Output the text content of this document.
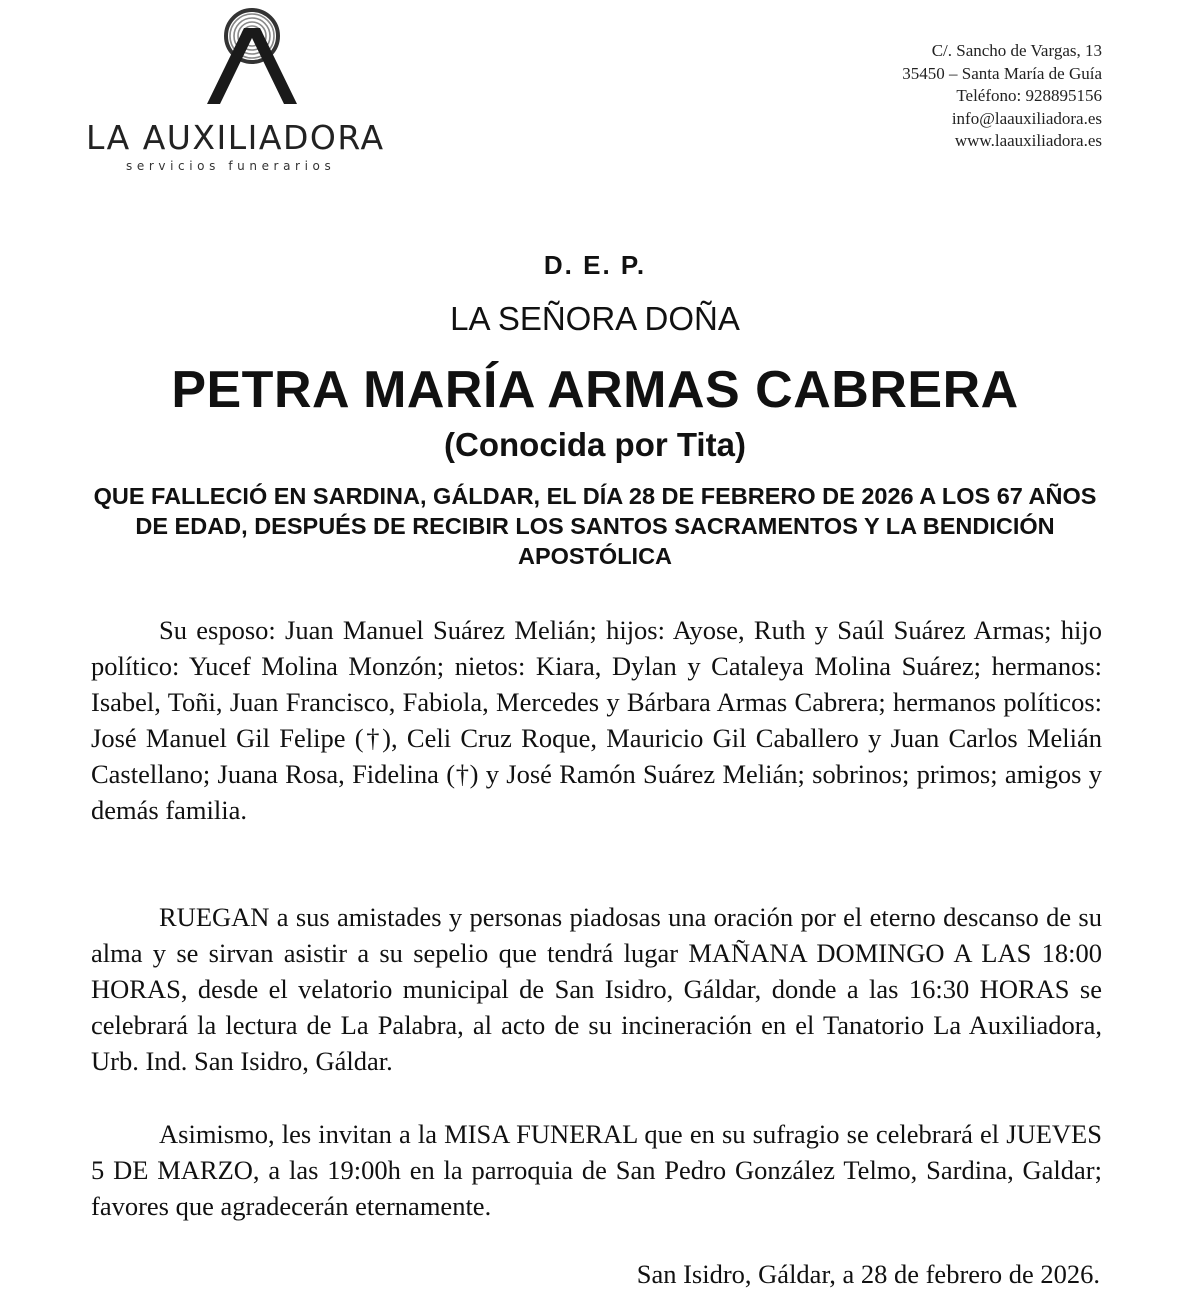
LA AUXILIADORA
servicios funerarios
C/. Sancho de Vargas, 13
35450 – Santa María de Guía
Teléfono: 928895156
info@laauxiliadora.es
www.laauxiliadora.es
D. E. P.
LA SEÑORA DOÑA
PETRA MARÍA ARMAS CABRERA
(Conocida por Tita)
QUE FALLECIÓ EN SARDINA, GÁLDAR, EL DÍA 28 DE FEBRERO DE 2026 A LOS 67 AÑOS DE EDAD, DESPUÉS DE RECIBIR LOS SANTOS SACRAMENTOS Y LA BENDICIÓN APOSTÓLICA
Su esposo: Juan Manuel Suárez Melián; hijos: Ayose, Ruth y Saúl Suárez Armas; hijo político: Yucef Molina Monzón; nietos: Kiara, Dylan y Cataleya Molina Suárez; hermanos: Isabel, Toñi, Juan Francisco, Fabiola, Mercedes y Bárbara Armas Cabrera; hermanos políticos: José Manuel Gil Felipe (†), Celi Cruz Roque, Mauricio Gil Caballero y Juan Carlos Melián Castellano; Juana Rosa, Fidelina (†) y José Ramón Suárez Melián; sobrinos; primos; amigos y demás familia.
RUEGAN a sus amistades y personas piadosas una oración por el eterno descanso de su alma y se sirvan asistir a su sepelio que tendrá lugar MAÑANA DOMINGO A LAS 18:00 HORAS, desde el velatorio municipal de San Isidro, Gáldar, donde a las 16:30 HORAS se celebrará la lectura de La Palabra, al acto de su incineración en el Tanatorio La Auxiliadora, Urb. Ind. San Isidro, Gáldar.
Asimismo, les invitan a la MISA FUNERAL que en su sufragio se celebrará el JUEVES 5 DE MARZO, a las 19:00h en la parroquia de San Pedro González Telmo, Sardina, Galdar; favores que agradecerán eternamente.
San Isidro, Gáldar, a 28 de febrero de 2026.
